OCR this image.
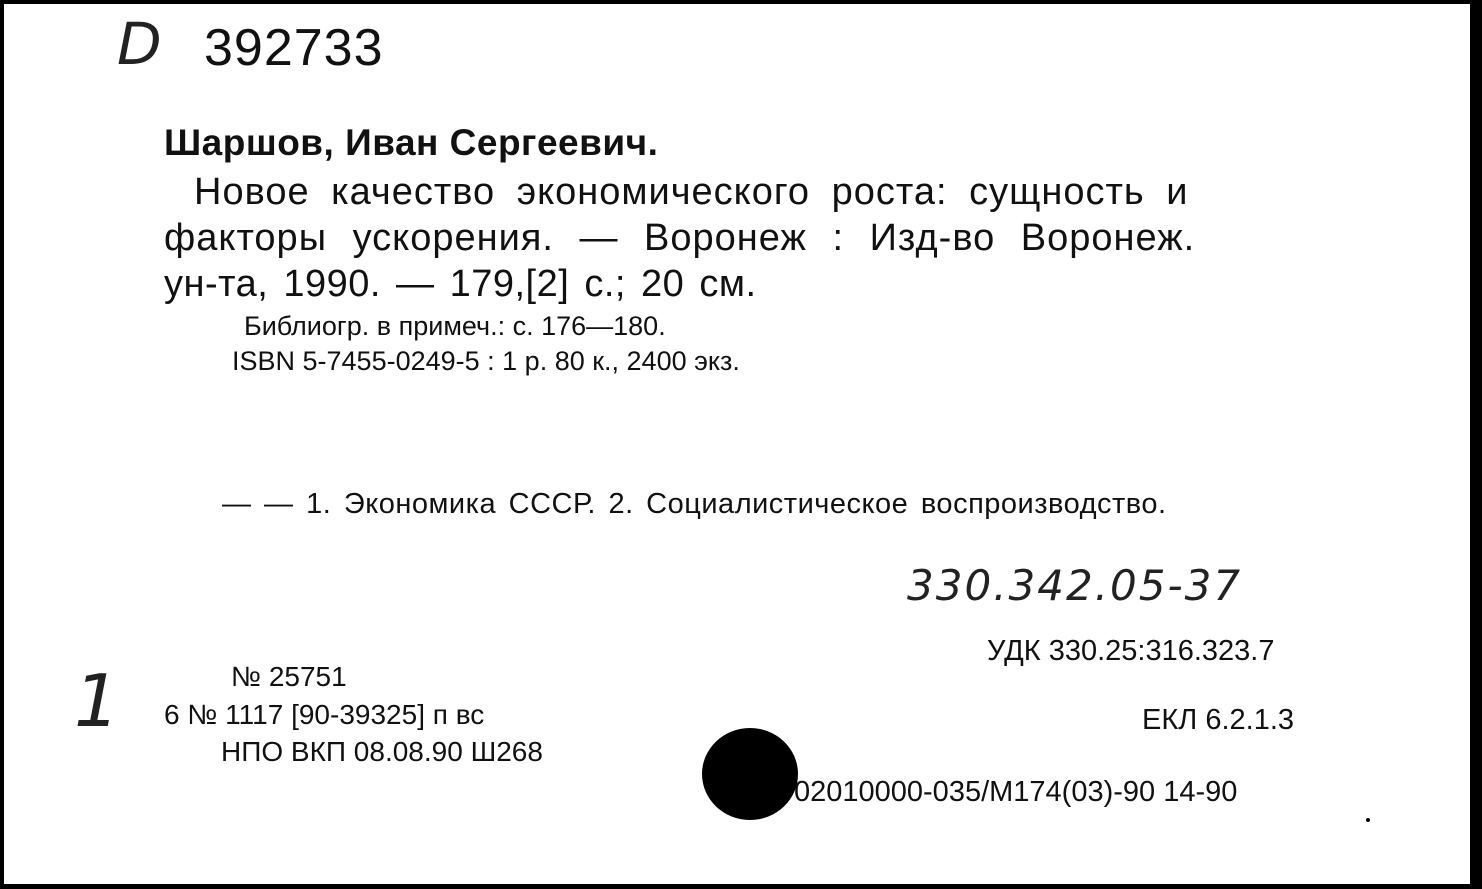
D 392733
Шаршов, Иван Сергеевич.
Новое качество экономического роста: сущность и
факторы ускорения. — Воронеж : Изд-во Воронеж.
ун-та, 1990. — 179,[2] с.; 20 см.
Библиогр. в примеч.: с. 176—180.
ISBN 5-7455-0249-5 : 1 р. 80 к., 2400 экз.
— — 1. Экономика СССР. 2. Социалистическое воспроизводство.
330.342.05-37
УДК 330.25:316.323.7
ЕКЛ 6.2.1.3
№ 25751
6 № 1117 [90-39325] п вс
НПО ВКП 08.08.90 Ш268
1
02010000-035/М174(03)-90 14-90
